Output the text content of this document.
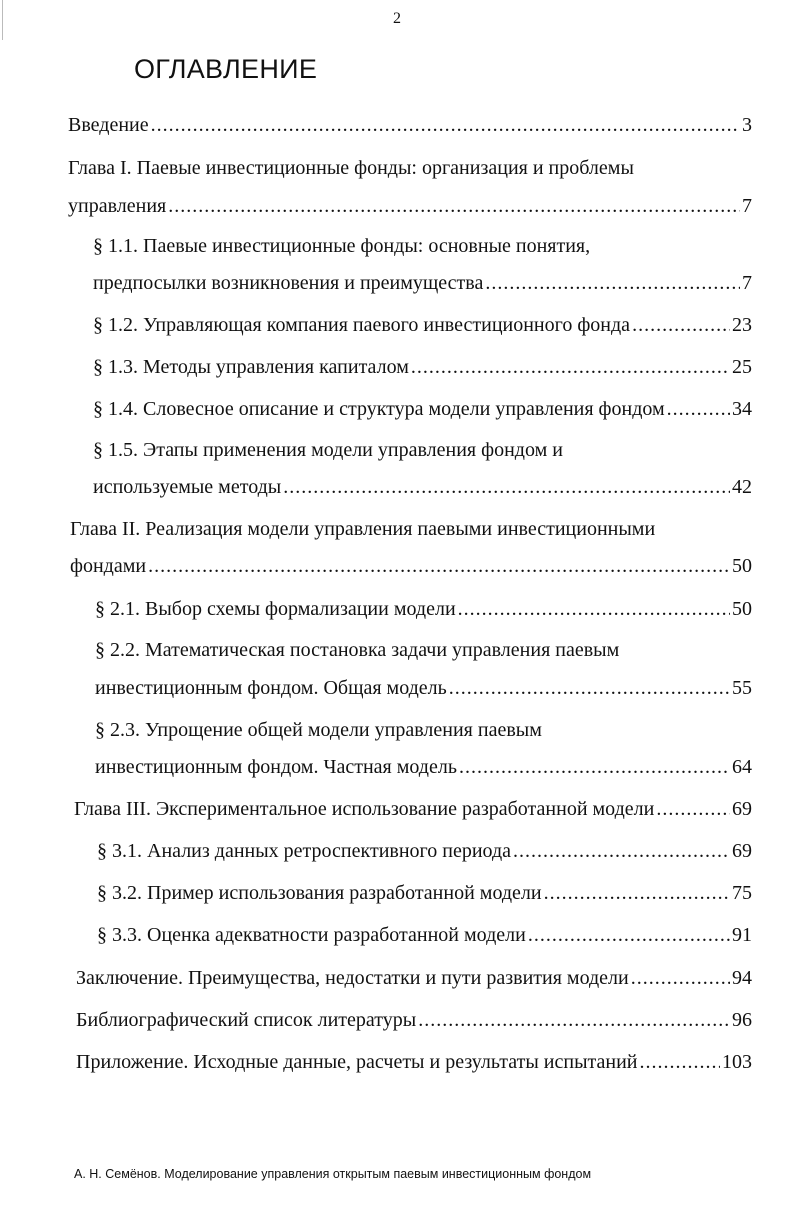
2
ОГЛАВЛЕНИЕ
Введение .....	3
Глава I. Паевые инвестиционные фонды: организация и проблемы
управления .....	7
§ 1.1. Паевые инвестиционные фонды: основные понятия,
предпосылки возникновения и преимущества .....	7
§ 1.2. Управляющая компания паевого инвестиционного фонда .....	23
§ 1.3. Методы управления капиталом .....	25
§ 1.4. Словесное описание и структура модели управления фондом .....	34
§ 1.5. Этапы применения модели управления фондом и
используемые методы .....	42
Глава II. Реализация модели управления паевыми инвестиционными
фондами .....	50
§ 2.1. Выбор схемы формализации модели .....	50
§ 2.2. Математическая постановка задачи управления паевым
инвестиционным фондом. Общая модель .....	55
§ 2.3. Упрощение общей модели управления паевым
инвестиционным фондом. Частная модель .....	64
Глава III. Экспериментальное использование разработанной модели .....	69
§ 3.1. Анализ данных ретроспективного периода .....	69
§ 3.2. Пример использования разработанной модели .....	75
§ 3.3. Оценка адекватности разработанной модели .....	91
Заключение. Преимущества, недостатки и пути развития модели .....	94
Библиографический список литературы .....	96
Приложение. Исходные данные, расчеты и результаты испытаний .....	103
А. Н. Семёнов. Моделирование управления открытым паевым инвестиционным фондом
